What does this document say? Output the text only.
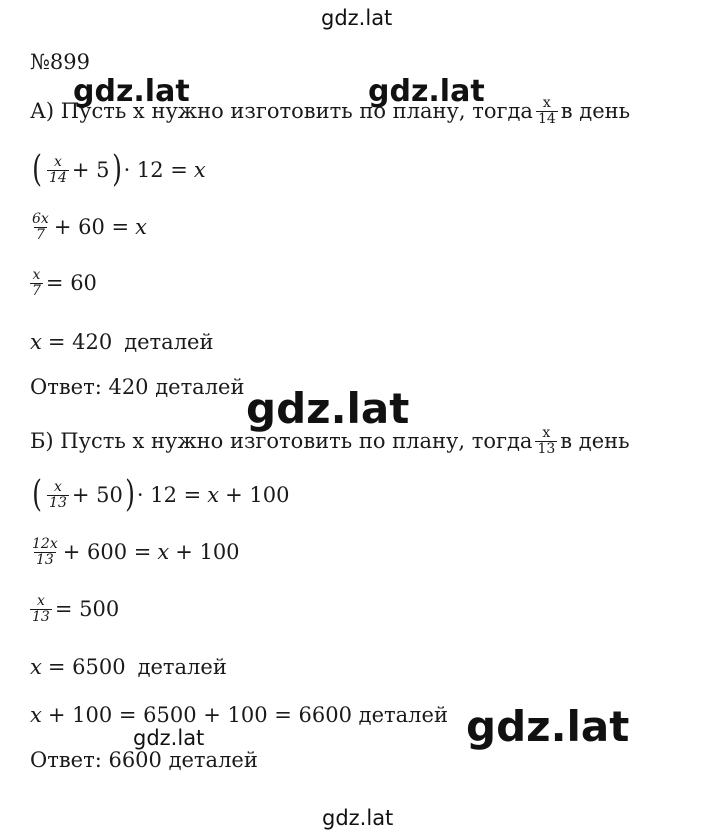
gdz.lat
gdz.lat
№899
А) Пусть х нужно изготовить по плану, тогда $\frac{x}{14}$ в день
gdz.lat	gdz.lat
( $\frac{x}{14} + 5$ ) · 12 = x
$\frac{6x}{7} + 60 = x$
$\frac{x}{7} = 60$
x = 420 деталей
Ответ: 420 деталей gdz.lat
Б) Пусть х нужно изготовить по плану, тогда $\frac{x}{13}$ в день
( $\frac{x}{13} + 50$ ) · 12 = x + 100
$\frac{12x}{13} + 600 = x + 100$
$\frac{x}{13} = 500$
x = 6500 деталей
x + 100 = 6500 + 100 = 6600 деталей
gdz.lat	gdz.lat
Ответ: 6600 деталей
